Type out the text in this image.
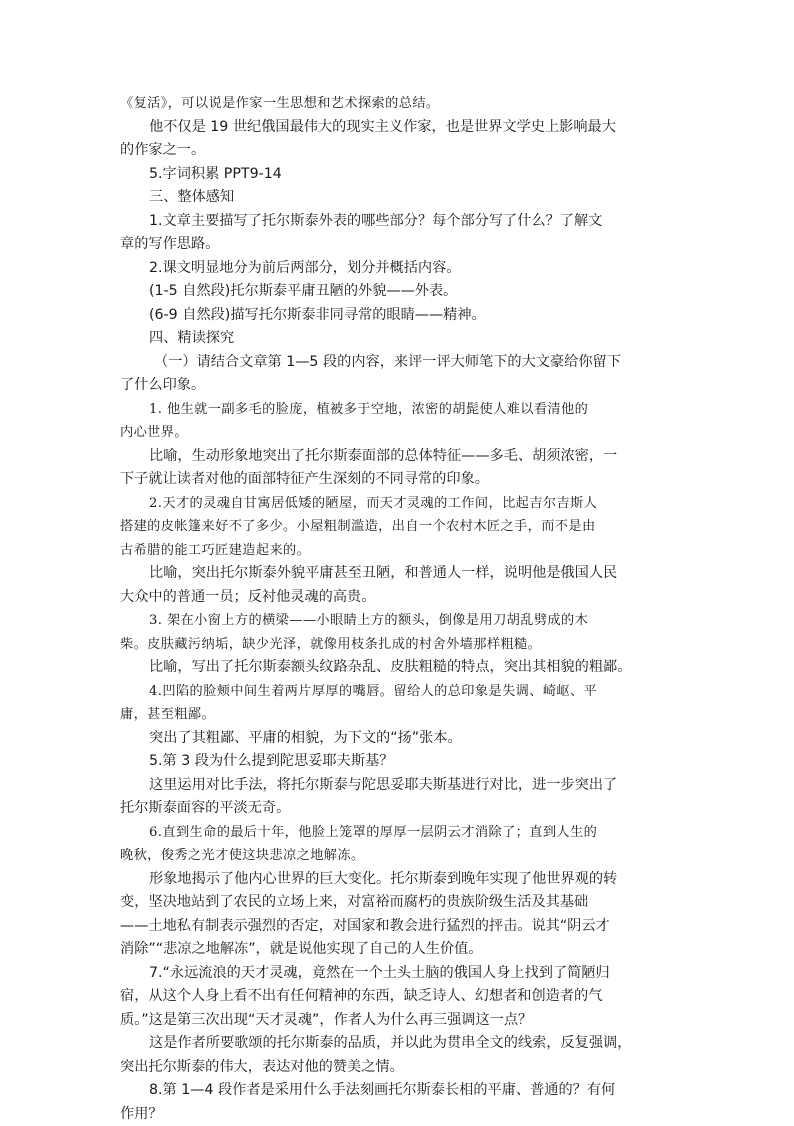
《复活》，可以说是作家一生思想和艺术探索的总结。
他不仅是 19 世纪俄国最伟大的现实主义作家，也是世界文学史上影响最大
的作家之一。
5.字词积累 PPT9-14
三、整体感知
1.文章主要描写了托尔斯泰外表的哪些部分？每个部分写了什么？了解文
章的写作思路。
2.课文明显地分为前后两部分，划分并概括内容。
(1-5 自然段)托尔斯泰平庸丑陋的外貌——外表。
(6-9 自然段)描写托尔斯泰非同寻常的眼睛——精神。
四、精读探究
（一）请结合文章第 1—5 段的内容，来评一评大师笔下的大文豪给你留下
了什么印象。
1. 他生就一副多毛的脸庞，植被多于空地，浓密的胡髭使人难以看清他的
内心世界。
比喻，生动形象地突出了托尔斯泰面部的总体特征——多毛、胡须浓密，一
下子就让读者对他的面部特征产生深刻的不同寻常的印象。
2.天才的灵魂自甘寓居低矮的陋屋，而天才灵魂的工作间，比起吉尔吉斯人
搭建的皮帐篷来好不了多少。小屋粗制滥造，出自一个农村木匠之手，而不是由
古希腊的能工巧匠建造起来的。
比喻，突出托尔斯泰外貌平庸甚至丑陋，和普通人一样，说明他是俄国人民
大众中的普通一员；反衬他灵魂的高贵。
3. 架在小窗上方的横梁——小眼睛上方的额头，倒像是用刀胡乱劈成的木
柴。皮肤藏污纳垢，缺少光泽，就像用枝条扎成的村舍外墙那样粗糙。
比喻，写出了托尔斯泰额头纹路杂乱、皮肤粗糙的特点，突出其相貌的粗鄙。
4.凹陷的脸颊中间生着两片厚厚的嘴唇。留给人的总印象是失调、崎岖、平
庸，甚至粗鄙。
突出了其粗鄙、平庸的相貌，为下文的“扬”张本。
5.第 3 段为什么提到陀思妥耶夫斯基？
这里运用对比手法，将托尔斯泰与陀思妥耶夫斯基进行对比，进一步突出了
托尔斯泰面容的平淡无奇。
6.直到生命的最后十年，他脸上笼罩的厚厚一层阴云才消除了；直到人生的
晚秋，俊秀之光才使这块悲凉之地解冻。
形象地揭示了他内心世界的巨大变化。托尔斯泰到晚年实现了他世界观的转
变，坚决地站到了农民的立场上来，对富裕而腐朽的贵族阶级生活及其基础
——土地私有制表示强烈的否定，对国家和教会进行猛烈的抨击。说其“阴云才
消除”“悲凉之地解冻”，就是说他实现了自己的人生价值。
7.“永远流浪的天才灵魂，竟然在一个土头土脑的俄国人身上找到了简陋归
宿，从这个人身上看不出有任何精神的东西，缺乏诗人、幻想者和创造者的气
质。”这是第三次出现“天才灵魂”，作者人为什么再三强调这一点？
这是作者所要歌颂的托尔斯泰的品质，并以此为贯串全文的线索，反复强调，
突出托尔斯泰的伟大，表达对他的赞美之情。
8.第 1—4 段作者是采用什么手法刻画托尔斯泰长相的平庸、普通的？有何
作用？
